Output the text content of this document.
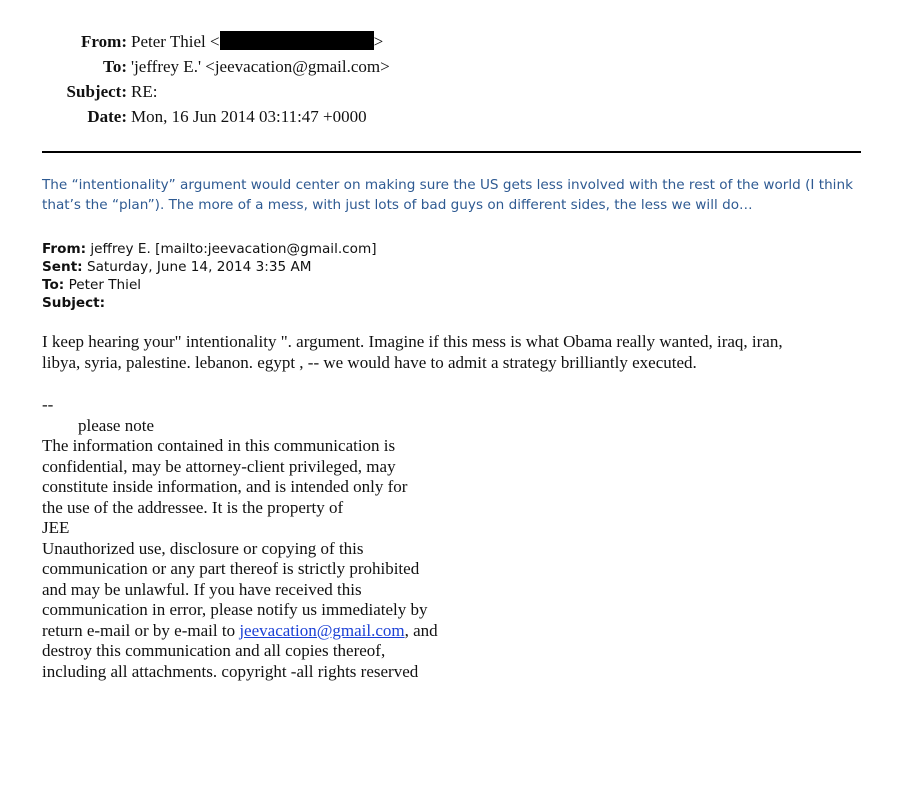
From: Peter Thiel <	>
To: 'jeffrey E.' <jeevacation@gmail.com>
Subject: RE:
Date: Mon, 16 Jun 2014 03:11:47 +0000

The “intentionality” argument would center on making sure the US gets less involved with the rest of the world (I think

that’s the “plan”). The more of a mess, with just lots of bad guys on different sides, the less we will do…

From: jeffrey E. [mailto:jeevacation@gmail.com]
Sent: Saturday, June 14, 2014 3:35 AM
To: Peter Thiel
Subject:

I keep hearing your" intentionality ". argument. Imagine if this mess is what Obama really wanted, iraq, iran,

libya, syria, palestine. lebanon. egypt , -- we would have to admit a strategy brilliantly executed.

--
please note
The information contained in this communication is
confidential, may be attorney-client privileged, may
constitute inside information, and is intended only for
the use of the addressee. It is the property of
JEE
Unauthorized use, disclosure or copying of this
communication or any part thereof is strictly prohibited
and may be unlawful. If you have received this
communication in error, please notify us immediately by
return e-mail or by e-mail to jeevacation@gmail.com, and
destroy this communication and all copies thereof,
including all attachments. copyright -all rights reserved
